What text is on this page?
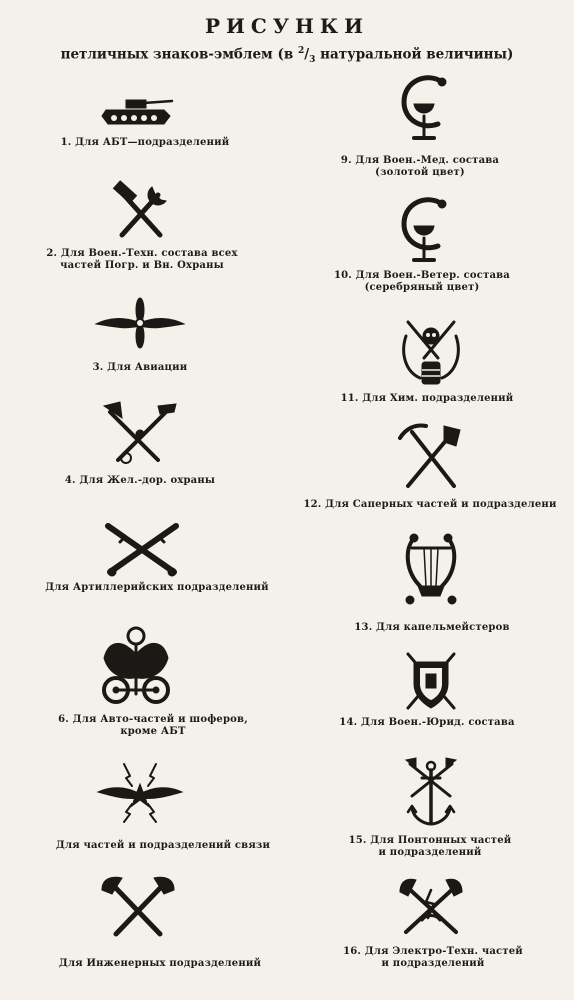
РИСУНКИ
петличных знаков-эмблем (в $^2/_3$ натуральной величины)
1. Для АБТ—подразделений
2. Для Воен.-Техн. состава всех
частей Погр. и Вн. Охраны
3. Для Авиации
4. Для Жел.-дор. охраны
Для Артиллерийских подразделений
6. Для Авто-частей и шоферов,
кроме АБТ
Для частей и подразделений связи
Для Инженерных подразделений
9. Для Воен.-Мед. состава
(золотой цвет)
10. Для Воен.-Ветер. состава
(серебряный цвет)
11. Для Хим. подразделений
12. Для Саперных частей и подразделени
13. Для капельмейстеров
14. Для Воен.-Юрид. состава
15. Для Понтонных частей
и подразделений
16. Для Электро-Техн. частей
и подразделений
